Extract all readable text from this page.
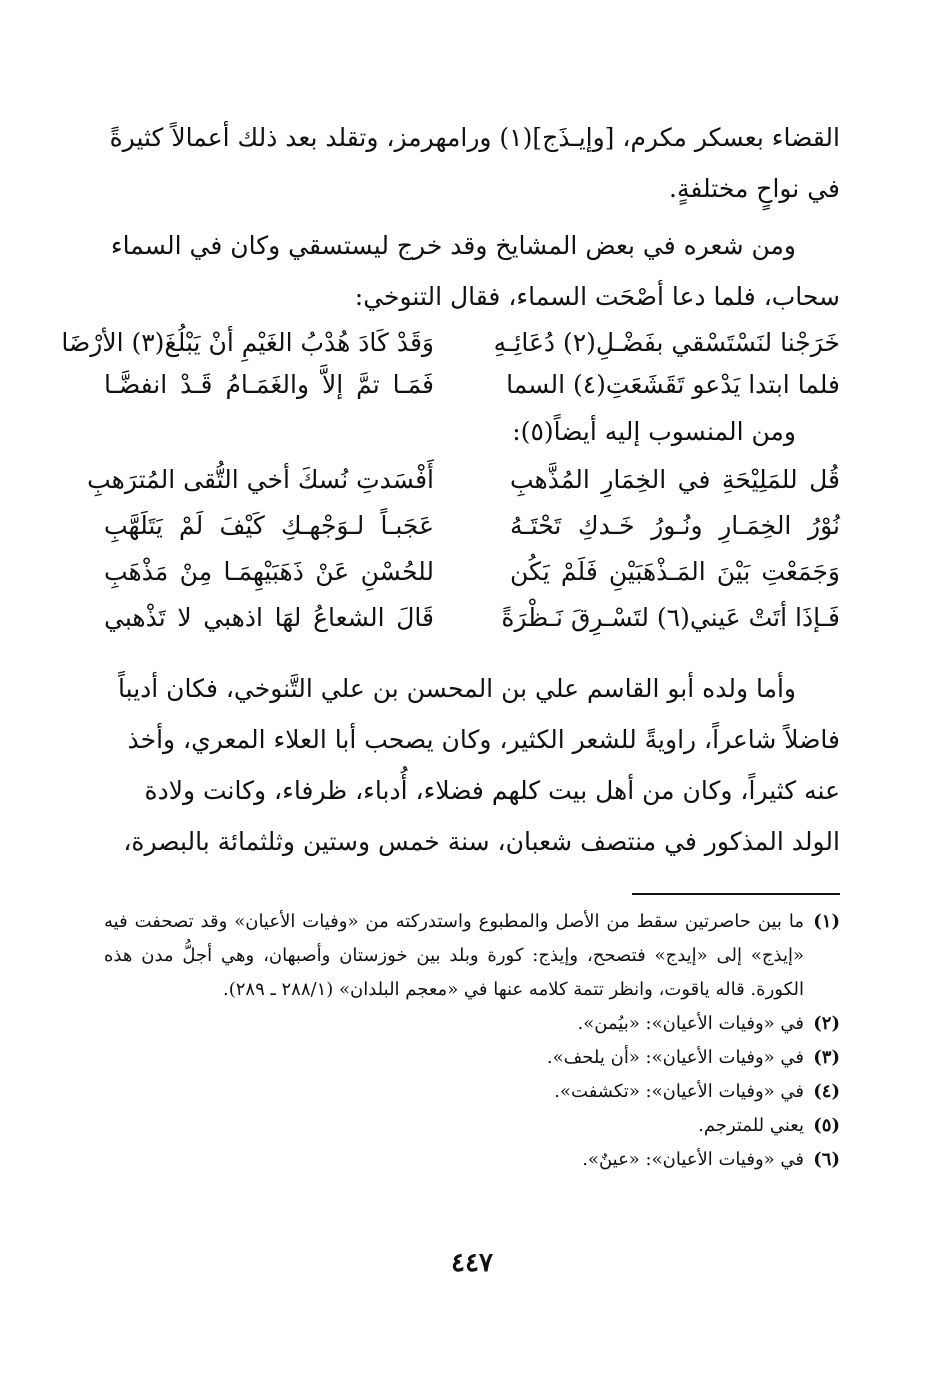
القضاء بعسكر مكرم، [وإيـذَج](١) ورامهرمز، وتقلد بعد ذلك أعمالاً كثيرةً

في نواحٍ مختلفةٍ.

ومن شعره في بعض المشايخ وقد خرج ليستسقي وكان في السماء

سحاب، فلما دعا أصْحَت السماء، فقال التنوخي:

خَرَجْنا لنَسْتَسْقي بفَضْـلِ(٢) دُعَائِـهِ
وَقَدْ كَادَ هُدْبُ الغَيْمِ أنْ يَبْلُغَ(٣) الأرْضَا
فلما ابتدا يَدْعو تَقَشَعَتِ(٤) السما
فَمَـا تمَّ إلاَّ والغَمَـامُ قَـدْ انفضَّـا

ومن المنسوب إليه أيضاً(٥):

قُل للمَلِيْحَةِ في الخِمَارِ المُذَّهبِ
أَفْسَدتِ نُسكَ أخي التُّقى المُترَهبِ
نُوْرُ الخِمَـارِ ونُـورُ خَـدكِ تَحْتَـهُ
عَجَبـاً لـوَجْهـكِ كَيْفَ لَمْ يَتَلَهَّبِ
وَجَمَعْتِ بَيْنَ المَـذْهَبَيْنِ فَلَمْ يَكُن
للحُسْنِ عَنْ ذَهَبَيْهِمَـا مِنْ مَذْهَبِ
فَـإذَا أتَتْ عَيني(٦) لتَسْـرِقَ نَـظْرَةً
قَالَ الشعاعُ لهَا اذهبي لا تَذْهبي

وأما ولده أبو القاسم علي بن المحسن بن علي التَّنوخي، فكان أديباً

فاضلاً شاعراً، راويةً للشعر الكثير، وكان يصحب أبا العلاء المعري، وأخذ

عنه كثيراً، وكان من أهل بيت كلهم فضلاء، أُدباء، ظرفاء، وكانت ولادة

الولد المذكور في منتصف شعبان، سنة خمس وستين وثلثمائة بالبصرة،

(١)
ما بين حاصرتين سقط من الأصل والمطبوع واستدركته من «وفيات الأعيان» وقد تصحفت فيه «إيذج» إلى «إيدج» فتصحح، وإيذج: كورة وبلد بين خوزستان وأصبهان، وهي أجلُّ مدن هذه الكورة. قاله ياقوت، وانظر تتمة كلامه عنها في «معجم البلدان» (٢٨٨/١ ـ ٢٨٩).
(٢)
في «وفيات الأعيان»: «بيُمن».
(٣)
في «وفيات الأعيان»: «أن يلحف».
(٤)
في «وفيات الأعيان»: «تكشفت».
(٥)
يعني للمترجم.
(٦)
في «وفيات الأعيان»: «عينٌ».
٤٤٧
